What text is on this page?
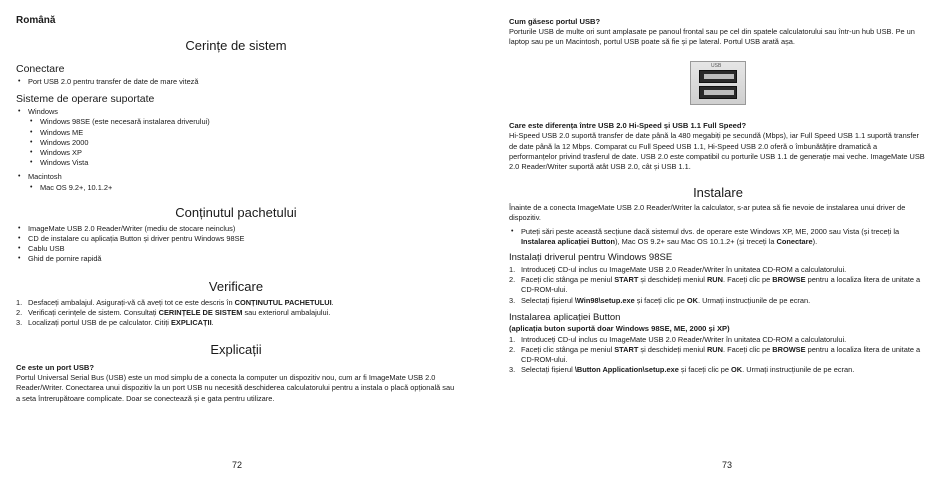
Română
Cerințe de sistem
Conectare
• Port USB 2.0 pentru transfer de date de mare viteză
Sisteme de operare suportate
• Windows
• Windows 98SE (este necesară instalarea driverului)
• Windows ME
• Windows 2000
• Windows XP
• Windows Vista
• Macintosh
• Mac OS 9.2+, 10.1.2+
Conținutul pachetului
• ImageMate USB 2.0 Reader/Writer (mediu de stocare neinclus)
• CD de instalare cu aplicația Button și driver pentru Windows 98SE
• Cablu USB
• Ghid de pornire rapidă
Verificare
1. Desfaceți ambalajul. Asigurați-vă că aveți tot ce este descris în CONȚINUTUL PACHETULUI.
2. Verificați cerințele de sistem. Consultați CERINȚELE DE SISTEM sau exteriorul ambalajului.
3. Localizați portul USB de pe calculator. Citiți EXPLICAȚII.
Explicații
Ce este un port USB?

Portul Universal Serial Bus (USB) este un mod simplu de a conecta la computer un dispozitiv nou, cum ar fi ImageMate USB 2.0 Reader/Writer. Conectarea unui dispozitiv la un port USB nu necesită deschiderea calculatorului pentru a instala o placă opțională sau a seta întrerupătoare complicate. Doar se conectează și e gata pentru utilizare.

72
Cum găsesc portul USB?

Porturile USB de multe ori sunt amplasate pe panoul frontal sau pe cel din spatele calculatorului sau într-un hub USB. Pe un laptop sau pe un Macintosh, portul USB poate să fie și pe lateral. Portul USB arată așa.

USB
Care este diferența între USB 2.0 Hi-Speed și USB 1.1 Full Speed?

Hi-Speed USB 2.0 suportă transfer de date până la 480 megabiți pe secundă (Mbps), iar Full Speed USB 1.1 suportă transfer de date până la 12 Mbps. Comparat cu Full Speed USB 1.1, Hi-Speed USB 2.0 oferă o îmbunătățire dramatică a performanțelor privind trasferul de date. USB 2.0 este compatibil cu porturile USB 1.1 de generație mai veche. ImageMate USB 2.0 Reader/Writer suportă atât USB 2.0, cât și USB 1.1.

Instalare

Înainte de a conecta ImageMate USB 2.0 Reader/Writer la calculator, s-ar putea să fie nevoie de instalarea unui driver de dispozitiv.

• Puteți sări peste această secțiune dacă sistemul dvs. de operare este Windows XP, ME, 2000 sau Vista (și treceți la Instalarea aplicației Button), Mac OS 9.2+ sau Mac OS 10.1.2+ (și treceți la Conectare).
Instalați driverul pentru Windows 98SE
1. Introduceți CD-ul inclus cu ImageMate USB 2.0 Reader/Writer în unitatea CD-ROM a calculatorului.
2. Faceți clic stânga pe meniul START și deschideți meniul RUN. Faceți clic pe BROWSE pentru a localiza litera de unitate a CD-ROM-ului.
3. Selectați fișierul \Win98\setup.exe și faceți clic pe OK. Urmați instrucțiunile de pe ecran.
Instalarea aplicației Button
(aplicația buton suportă doar Windows 98SE, ME, 2000 și XP)
1. Introduceți CD-ul inclus cu ImageMate USB 2.0 Reader/Writer în unitatea CD-ROM a calculatorului.
2. Faceți clic stânga pe meniul START și deschideți meniul RUN. Faceți clic pe BROWSE pentru a localiza litera de unitate a CD-ROM-ului.
3. Selectați fișierul \Button Application\setup.exe și faceți clic pe OK. Urmați instrucțiunile de pe ecran.
73
